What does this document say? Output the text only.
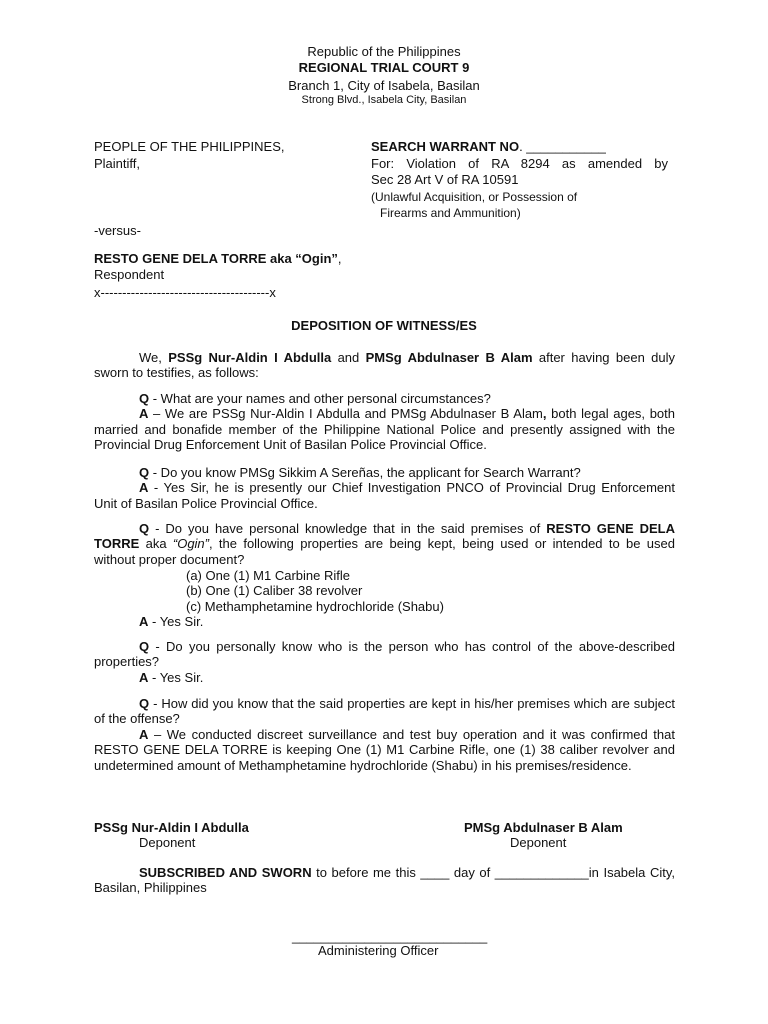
Republic of the Philippines
REGIONAL TRIAL COURT 9
Branch 1, City of Isabela, Basilan
Strong Blvd., Isabela City, Basilan
PEOPLE OF THE PHILIPPINES,
Plaintiff,
SEARCH WARRANT NO. ___________
For: Violation of RA 8294 as amended by
Sec 28 Art V of RA 10591
(Unlawful Acquisition, or Possession of
Firearms and Ammunition)
-versus-
RESTO GENE DELA TORRE aka “Ogin”,
Respondent
x---------------------------------------x
DEPOSITION OF WITNESS/ES

We, PSSg Nur-Aldin I Abdulla and PMSg Abdulnaser B Alam after having been duly sworn to testifies, as follows:

Q - What are your names and other personal circumstances?

A – We are PSSg Nur-Aldin I Abdulla and PMSg Abdulnaser B Alam, both legal ages, both married and bonafide member of the Philippine National Police and presently assigned with the Provincial Drug Enforcement Unit of Basilan Police Provincial Office.

Q - Do you know PMSg Sikkim A Sereñas, the applicant for Search Warrant?

A - Yes Sir, he is presently our Chief Investigation PNCO of Provincial Drug Enforcement Unit of Basilan Police Provincial Office.

Q - Do you have personal knowledge that in the said premises of RESTO GENE DELA TORRE aka “Ogin”, the following properties are being kept, being used or intended to be used without proper document?

(a) One (1) M1 Carbine Rifle
(b) One (1) Caliber 38 revolver
(c) Methamphetamine hydrochloride (Shabu)

A - Yes Sir.

Q - Do you personally know who is the person who has control of the above-described properties?

A - Yes Sir.

Q - How did you know that the said properties are kept in his/her premises which are subject of the offense?

A – We conducted discreet surveillance and test buy operation and it was confirmed that RESTO GENE DELA TORRE is keeping One (1) M1 Carbine Rifle, one (1) 38 caliber revolver and undetermined amount of Methamphetamine hydrochloride (Shabu) in his premises/residence.

PSSg Nur-Aldin I Abdulla
Deponent
PMSg Abdulnaser B Alam
Deponent

SUBSCRIBED AND SWORN to before me this ____ day of _____________in Isabela City, Basilan, Philippines

___________________________
Administering Officer
